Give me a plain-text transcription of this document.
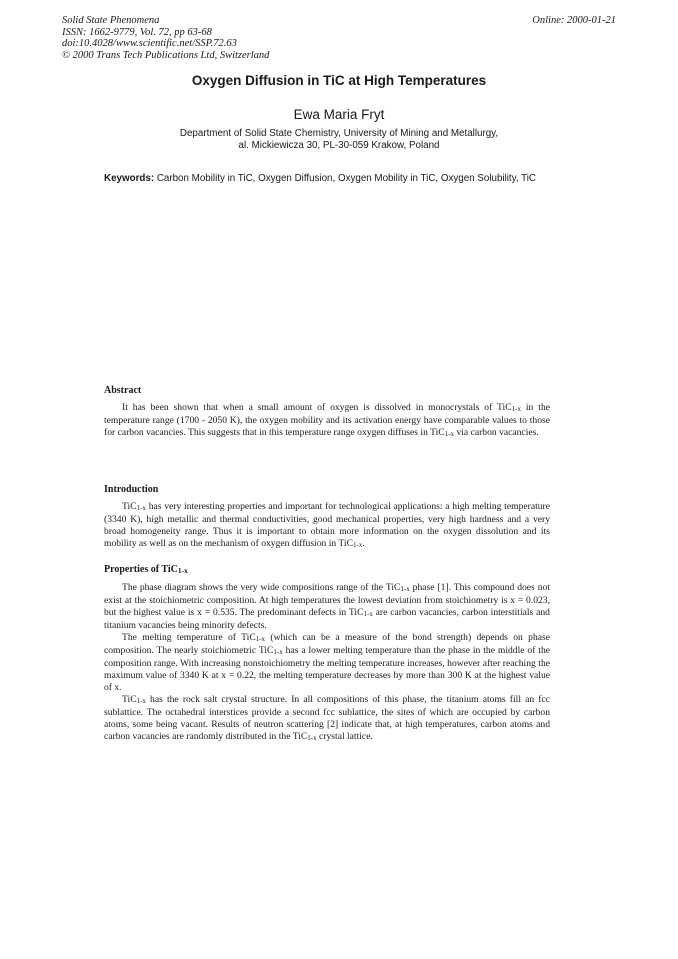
Solid State Phenomena
ISSN: 1662-9779, Vol. 72, pp 63-68
doi:10.4028/www.scientific.net/SSP.72.63
© 2000 Trans Tech Publications Ltd, Switzerland
Online: 2000-01-21
Oxygen Diffusion in TiC at High Temperatures
Ewa Maria Fryt
Department of Solid State Chemistry, University of Mining and Metallurgy,
al. Mickiewicza 30, PL-30-059 Krakow, Poland
Keywords: Carbon Mobility in TiC, Oxygen Diffusion, Oxygen Mobility in TiC, Oxygen Solubility, TiC
Abstract

It has been shown that when a small amount of oxygen is dissolved in monocrystals of TiC1-x in the temperature range (1700 - 2050 K), the oxygen mobility and its activation energy have comparable values to those for carbon vacancies. This suggests that in this temperature range oxygen diffuses in TiC1-x via carbon vacancies.

Introduction

TiC1-x has very interesting properties and important for technological applications: a high melting temperature (3340 K), high metallic and thermal conductivities, good mechanical properties, very high hardness and a very broad homogeneity range. Thus it is important to obtain more information on the oxygen dissolution and its mobility as well as on the mechanism of oxygen diffusion in TiC1-x.

Properties of TiC1-x

The phase diagram shows the very wide compositions range of the TiC1-x phase [1]. This compound does not exist at the stoichiometric composition. At high temperatures the lowest deviation from stoichiometry is x = 0.023, but the highest value is x = 0.535. The predominant defects in TiC1-x are carbon vacancies, carbon interstitials and titanium vacancies being minority defects.

The melting temperature of TiC1-x (which can be a measure of the bond strength) depends on phase composition. The nearly stoichiometric TiC1-x has a lower melting temperature than the phase in the middle of the composition range. With increasing nonstoichiometry the melting temperature increases, however after reaching the maximum value of 3340 K at x = 0.22, the melting temperature decreases by more than 300 K at the highest value of x.

TiC1-x has the rock salt crystal structure. In all compositions of this phase, the titanium atoms fill an fcc sublattice. The octahedral interstices provide a second fcc sublattice, the sites of which are occupied by carbon atoms, some being vacant. Results of neutron scattering [2] indicate that, at high temperatures, carbon atoms and carbon vacancies are randomly distributed in the TiC1-x crystal lattice.
